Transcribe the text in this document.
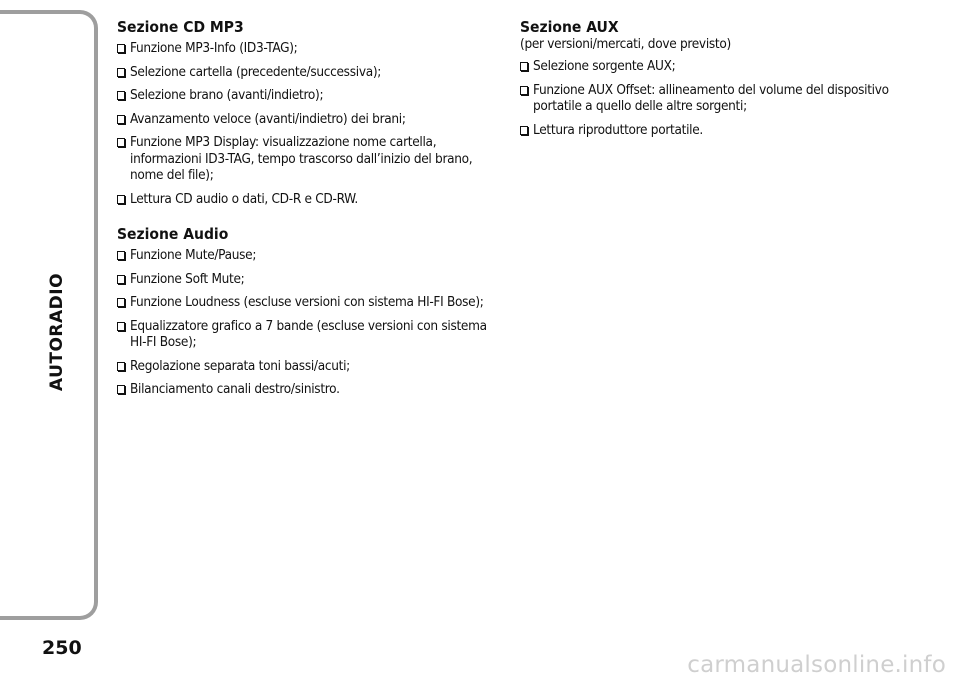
AUTORADIO
250
Sezione CD MP3
Funzione MP3-Info (ID3-TAG);
Selezione cartella (precedente/successiva);
Selezione brano (avanti/indietro);
Avanzamento veloce (avanti/indietro) dei brani;
Funzione MP3 Display: visualizzazione nome cartella, informazioni ID3-TAG, tempo trascorso dall’inizio del brano, nome del file);
Lettura CD audio o dati, CD-R e CD-RW.
Sezione Audio
Funzione Mute/Pause;
Funzione Soft Mute;
Funzione Loudness (escluse versioni con sistema HI-FI Bose);
Equalizzatore grafico a 7 bande (escluse versioni con sistema HI-FI Bose);
Regolazione separata toni bassi/acuti;
Bilanciamento canali destro/sinistro.
Sezione AUX

(per versioni/mercati, dove previsto)

Selezione sorgente AUX;
Funzione AUX Offset: allineamento del volume del dispositivo portatile a quello delle altre sorgenti;
Lettura riproduttore portatile.
carmanualsonline.info
